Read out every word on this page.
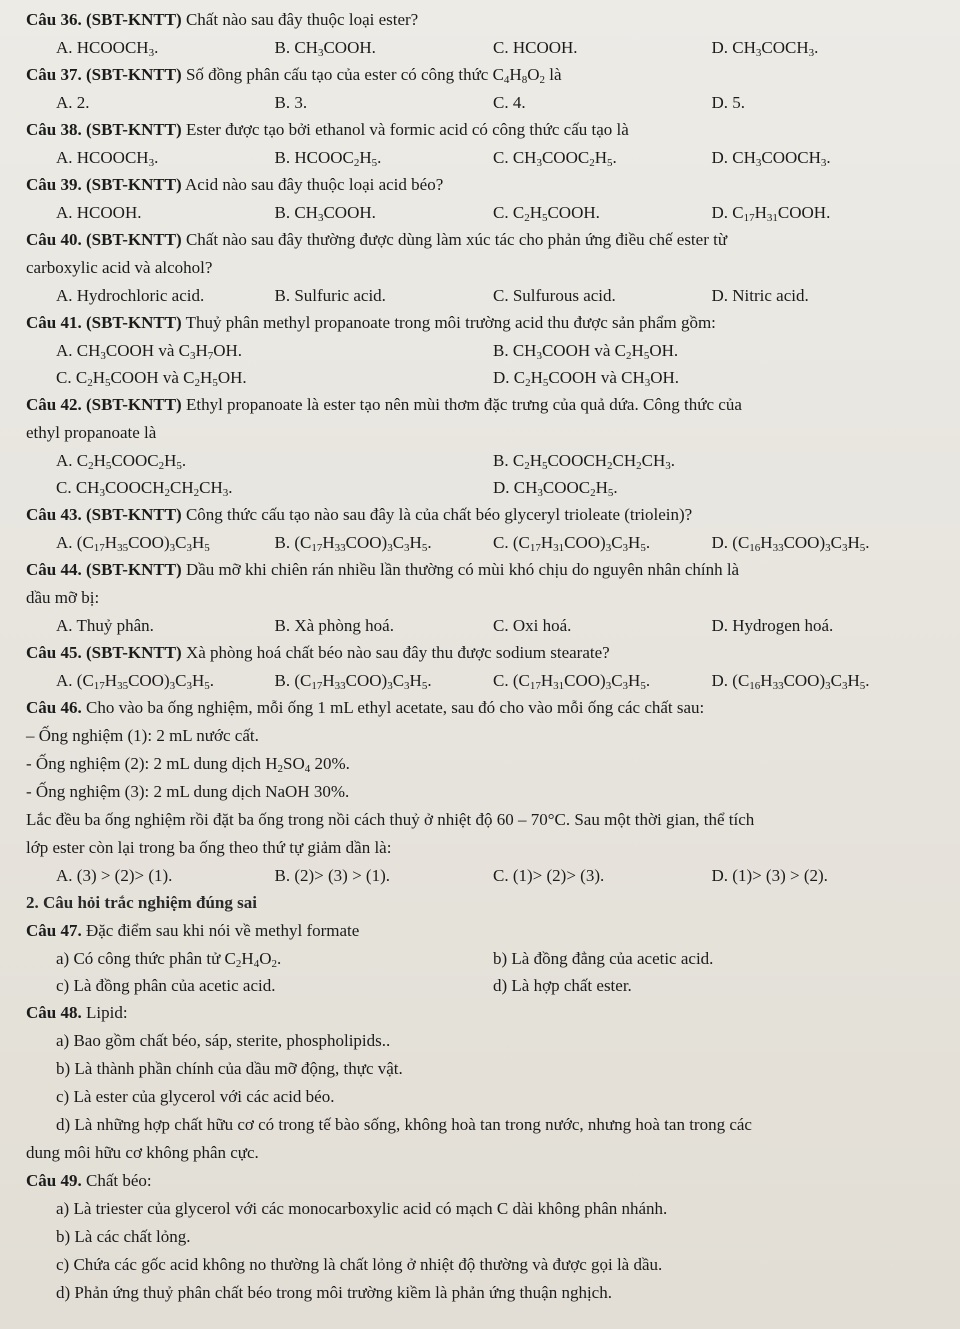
Câu 36. (SBT-KNTT) Chất nào sau đây thuộc loại ester?

A. $HCOOCH_3$.	B. $CH_3COOH$.	C. HCOOH.	D. $CH_3COCH_3$.

Câu 37. (SBT-KNTT) Số đồng phân cấu tạo của ester có công thức $C_4H_8O_2$ là

A. 2.	B. 3.	C. 4.	D. 5.

Câu 38. (SBT-KNTT) Ester được tạo bởi ethanol và formic acid có công thức cấu tạo là

A. $HCOOCH_3$.	B. $HCOOC_2H_5$.	C. $CH_3COOC_2H_5$.	D. $CH_3COOCH_3$.

Câu 39. (SBT-KNTT) Acid nào sau đây thuộc loại acid béo?

A. HCOOH.	B. $CH_3COOH$.	C. $C_2H_5COOH$.	D. $C_{17}H_{31}COOH$.

Câu 40. (SBT-KNTT) Chất nào sau đây thường được dùng làm xúc tác cho phản ứng điều chế ester từ

carboxylic acid và alcohol?
A. Hydrochloric acid.	B. Sulfuric acid.	C. Sulfurous acid.	D. Nitric acid.

Câu 41. (SBT-KNTT) Thuỷ phân methyl propanoate trong môi trường acid thu được sản phẩm gồm:

A. $CH_3COOH$ và $C_3H_7OH$.	B. $CH_3COOH$ và $C_2H_5OH$.
C. $C_2H_5COOH$ và $C_2H_5OH$.	D. $C_2H_5COOH$ và $CH_3OH$.

Câu 42. (SBT-KNTT) Ethyl propanoate là ester tạo nên mùi thơm đặc trưng của quả dứa. Công thức của

ethyl propanoate là
A. $C_2H_5COOC_2H_5$.	B. $C_2H_5COOCH_2CH_2CH_3$.
C. $CH_3COOCH_2CH_2CH_3$.	D. $CH_3COOC_2H_5$.

Câu 43. (SBT-KNTT) Công thức cấu tạo nào sau đây là của chất béo glyceryl trioleate (triolein)?

A. $(C_{17}H_{35}COO)_3C_3H_5$	B. $(C_{17}H_{33}COO)_3C_3H_5$.	C. $(C_{17}H_{31}COO)_3C_3H_5$.	D. $(C_{16}H_{33}COO)_3C_3H_5$.

Câu 44. (SBT-KNTT) Dầu mỡ khi chiên rán nhiều lần thường có mùi khó chịu do nguyên nhân chính là

dầu mỡ bị:
A. Thuỷ phân.	B. Xà phòng hoá.	C. Oxi hoá.	D. Hydrogen hoá.

Câu 45. (SBT-KNTT) Xà phòng hoá chất béo nào sau đây thu được sodium stearate?

A. $(C_{17}H_{35}COO)_3C_3H_5$.	B. $(C_{17}H_{33}COO)_3C_3H_5$.	C. $(C_{17}H_{31}COO)_3C_3H_5$.	D. $(C_{16}H_{33}COO)_3C_3H_5$.

Câu 46. Cho vào ba ống nghiệm, mỗi ống 1 mL ethyl acetate, sau đó cho vào mỗi ống các chất sau:

– Ống nghiệm (1): 2 mL nước cất.
- Ống nghiệm (2): 2 mL dung dịch $H_2SO_4$ 20%.
- Ống nghiệm (3): 2 mL dung dịch NaOH 30%.
Lắc đều ba ống nghiệm rồi đặt ba ống trong nồi cách thuỷ ở nhiệt độ 60 – 70°C. Sau một thời gian, thể tích
lớp ester còn lại trong ba ống theo thứ tự giảm dần là:
A. (3) > (2)> (1).	B. (2)> (3) > (1).	C. (1)> (2)> (3).	D. (1)> (3) > (2).
2. Câu hỏi trắc nghiệm đúng sai

Câu 47. Đặc điểm sau khi nói về methyl formate

a) Có công thức phân tử $C_2H_4O_2$.	b) Là đồng đẳng của acetic acid.
c) Là đồng phân của acetic acid.	d) Là hợp chất ester.

Câu 48. Lipid:

a) Bao gồm chất béo, sáp, sterite, phospholipids..
b) Là thành phần chính của dầu mỡ động, thực vật.
c) Là ester của glycerol với các acid béo.
d) Là những hợp chất hữu cơ có trong tế bào sống, không hoà tan trong nước, nhưng hoà tan trong các
dung môi hữu cơ không phân cực.

Câu 49. Chất béo:

a) Là triester của glycerol với các monocarboxylic acid có mạch C dài không phân nhánh.
b) Là các chất lỏng.
c) Chứa các gốc acid không no thường là chất lỏng ở nhiệt độ thường và được gọi là dầu.
d) Phản ứng thuỷ phân chất béo trong môi trường kiềm là phản ứng thuận nghịch.
